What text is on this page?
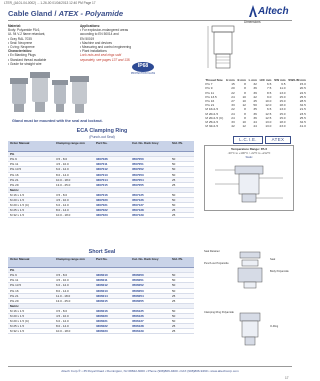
LTER_(A101-04-0002) ... 1-26-00 01/04/2013 12:40 PM Page 17
Cable Gland / ATEX - Polyamide	Altech
Material:
Body: Polyamide PA 6,
UL 94 V-2 flame retardant,
• Gray RAL 7035
• Seal: Neoprene
• O-ring: Neoprene
Characteristics:
• Ex Blanking Plugs
• Standard thread available
• Grade for straight wire
Applications:
• For explosion-endangered areas
according to EN 50014 and
EN 50019
• Machine and devices
• Measuring and control engineering
• Plant installations
Lock nuts and seal rings sold
separately, see pages 137 and 138.
IP68
PROTECTION CLASS
Gland must be mounted with the seal and locknut.
Dimensions
Thread Size	H mm	E mm	L mm	H/C mm	SW mm	SW/L/M mm
PG 7	15	8	32	6.5	6.5	15.0
PG 9	20	8	36	7.5	11.0	20.5
PG 11	22	8	39	8.5	13.0	22.5
PG 13.5	24	10	42	9.0	15.0	25.5
PG 16	27	10	45	10.0	15.0	28.5
PG 21	33	12	50	12.0	18.0	32.5
M 16x1.5	22	8	35	6.5	13.0	21.5
M 20x1.5	24	8	36	12.5	15.0	23.5
M 20x1.5 (C)	24	8	36	12.5	15.0	25.5
M 25x1.5	33	10	44	13.0	18.0	32.5
M 32x1.5	42	12	44	13.0	23.0	41.0
L.C.I.E.	ATEX
Temperature Range: PA 6
-30°C to +100°C / -22°F to +212°F
Static
ECA Clamping Ring
(Punch-out Seal)
Order Manual	Clamping range mm	Part No.	Cat. No. Dark Grey	Std. Pk.
PG				
PG 9	3.5 - 8.0	3307036	3507050	50
PG 11	4.5 - 10.0	3307011	3507051	50
PG 13.5	6.0 - 12.0	3307012	3507052	50
PG 16	8.0 - 14.0	3307013	3507053	50
PG 21	10.0 - 18.0	3307014	3507054	25
PG 29	13.0 - 25.0	3307015	3507055	25
Metric				
M 16 x 1.5	3.5 - 8.0	3307016	3507125	50
M 20 x 1.5	4.5 - 10.0	3307020	3507126	50
M 20 x 1.5 (C)	6.0 - 12.0	3307021	3507127	50
M 25 x 1.5	8.0 - 14.0	3307022	3507128	25
M 32 x 1.5	10.0 - 18.0	3307023	3507129	25
Short Seal
Order Manual	Clamping range mm	Part No.	Cat. No. Dark Grey	Std. Pk.
PG				
PG 9	3.5 - 8.0	3306010	3506050	50
PG 11	4.5 - 10.0	3306011	3506051	50
PG 13.5	6.0 - 12.0	3306012	3506052	50
PG 16	8.0 - 14.0	3306013	3506053	50
PG 21	11.0 - 18.0	3306014	3506054	25
PG 29	13.0 - 25.0	3306015	3506055	25
Metric				
M 16 x 1.5	3.5 - 8.0	3306016	3506125	50
M 20 x 1.5	4.5 - 10.0	3306020	3506126	50
M 20 x 1.5 (C)	6.0 - 12.0	3306021	3506127	50
M 25 x 1.5	8.0 - 14.0	3306022	3506128	25
M 32 x 1.5	10.0 - 18.0	3306023	3506129	25
Seal Retainer
Punch-out Polyamide
Seal
Body Polyamide
Clamping Ring Polyamide
O-Ring
Altech Corp.® • 35 Royal Road • Flemington, NJ 08822-6000 • Phone (908)806-9400 • FAX (908)806-9490 • www.altechcorp.com
17
